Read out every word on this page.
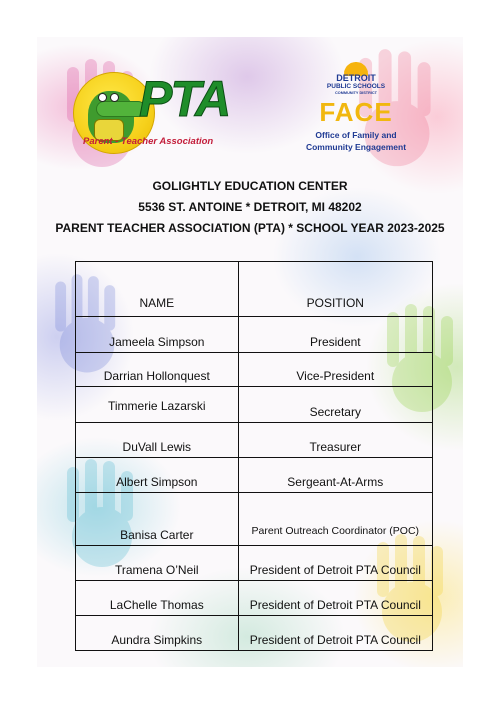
PTA
Parent - Teacher Association
DETROIT
PUBLIC SCHOOLS
COMMUNITY DISTRICT
FACE
Office of Family and
Community Engagement
GOLIGHTLY EDUCATION CENTER
5536 ST. ANTOINE * DETROIT, MI 48202
PARENT TEACHER ASSOCIATION (PTA) * SCHOOL YEAR 2023-2025
NAME	POSITION
Jameela Simpson	President
Darrian Hollonquest	Vice-President
Timmerie Lazarski	Secretary
DuVall Lewis	Treasurer
Albert Simpson	Sergeant-At-Arms
Banisa Carter	Parent Outreach Coordinator (POC)
Tramena O’Neil	President of Detroit PTA Council
LaChelle Thomas	President of Detroit PTA Council
Aundra Simpkins	President of Detroit PTA Council
